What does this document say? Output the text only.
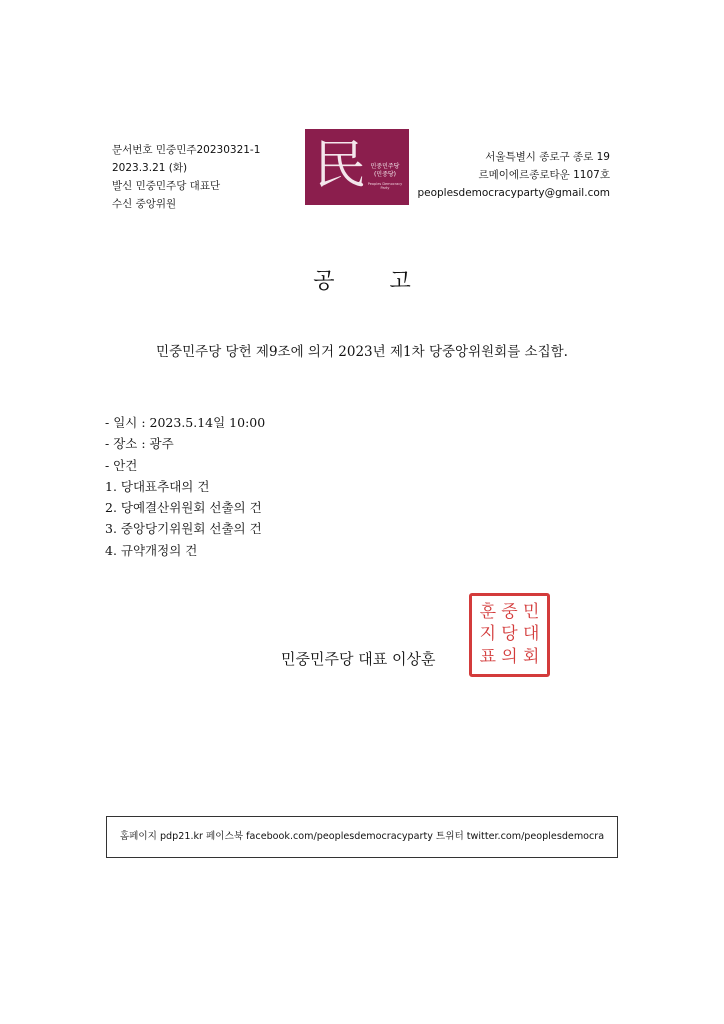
문서번호 민중민주20230321-1
2023.3.21 (화)
발신 민중민주당 대표단
수신 중앙위원
民 민중민주당
(민중당)
Peoples Democracy Party
서울특별시 종로구 종로 19
르메이에르종로타운 1107호
peoplesdemocracyparty@gmail.com
공 고
민중민주당 당헌 제9조에 의거 2023년 제1차 당중앙위원회를 소집함.
- 일시 : 2023.5.14일 10:00
- 장소 : 광주
- 안건
1. 당대표추대의 건
2. 당예결산위원회 선출의 건
3. 중앙당기위원회 선출의 건
4. 규약개정의 건
민중민주당 대표 이상훈
훈 중 민
지 당 대
표 의 회
홈페이지 pdp21.kr 페이스북 facebook.com/peoplesdemocracyparty 트위터 twitter.com/peoplesdemocra
